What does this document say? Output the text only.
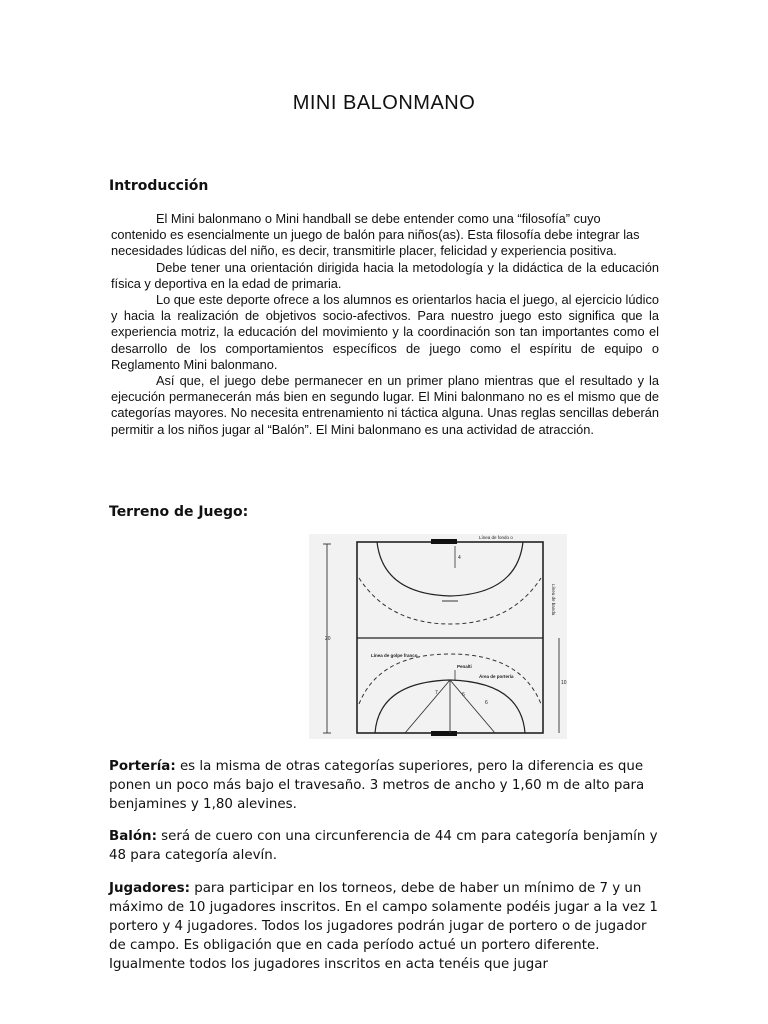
MINI BALONMANO
Introducción

El Mini balonmano o Mini handball se debe entender como una “filosofía” cuyo contenido es esencialmente un juego de balón para niños(as). Esta filosofía debe integrar las necesidades lúdicas del niño, es decir, transmitirle placer, felicidad y experiencia positiva.

Debe tener una orientación dirigida hacia la metodología y la didáctica de la educación física y deportiva en la edad de primaria.

Lo que este deporte ofrece a los alumnos es orientarlos hacia el juego, al ejercicio lúdico y hacia la realización de objetivos socio-afectivos. Para nuestro juego esto significa que la experiencia motriz, la educación del movimiento y la coordinación son tan importantes como el desarrollo de los comportamientos específicos de juego como el espíritu de equipo o Reglamento Mini balonmano.

Así que, el juego debe permanecer en un primer plano mientras que el resultado y la ejecución permanecerán más bien en segundo lugar. El Mini balonmano no es el mismo que de categorías mayores. No necesita entrenamiento ni táctica alguna. Unas reglas sencillas deberán permitir a los niños jugar al “Balón”. El Mini balonmano es una actividad de atracción.

Terreno de Juego:
Línea de fondo o
Línea de banda
20
10
Línea de golpe franco
Penalti
Área de portería
4
7	6
6

Portería: es la misma de otras categorías superiores, pero la diferencia es que ponen un poco más bajo el travesaño. 3 metros de ancho y 1,60 m de alto para benjamines y 1,80 alevines.

Balón: será de cuero con una circunferencia de 44 cm para categoría benjamín y 48 para categoría alevín.

Jugadores: para participar en los torneos, debe de haber un mínimo de 7 y un máximo de 10 jugadores inscritos. En el campo solamente podéis jugar a la vez 1 portero y 4 jugadores. Todos los jugadores podrán jugar de portero o de jugador de campo. Es obligación que en cada período actué un portero diferente. Igualmente todos los jugadores inscritos en acta tenéis que jugar
